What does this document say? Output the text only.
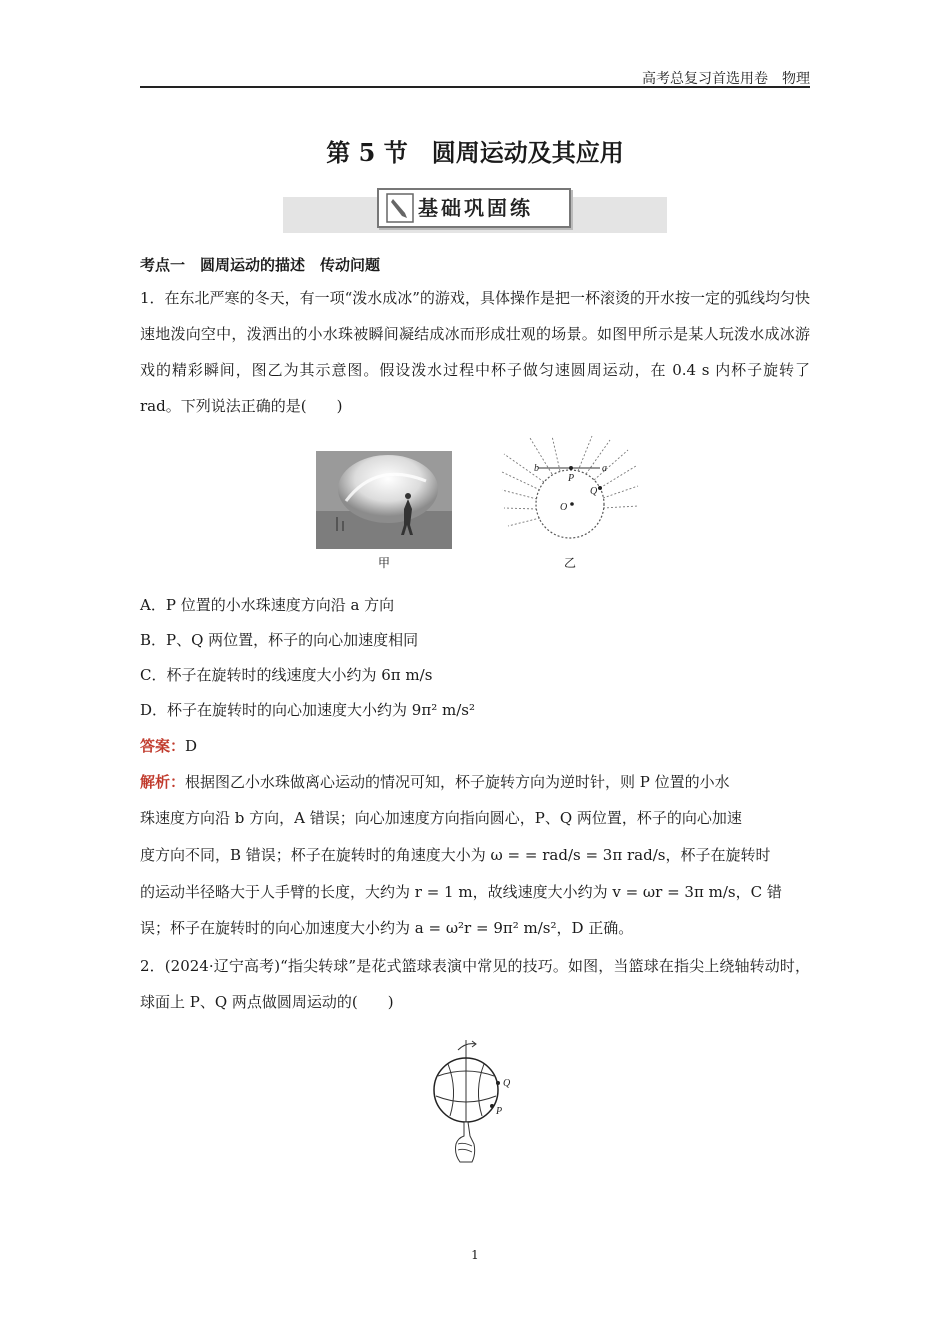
高考总复习首选用卷　物理
第 5 节　圆周运动及其应用
基础巩固练
考点一　圆周运动的描述　传动问题
1．在东北严寒的冬天，有一项“泼水成冰”的游戏，具体操作是把一杯滚烫的开水按一定的弧线均匀快速地泼向空中，泼洒出的小水珠被瞬间凝结成冰而形成壮观的场景。如图甲所示是某人玩泼水成冰游戏的精彩瞬间，图乙为其示意图。假设泼水过程中杯子做匀速圆周运动，在 0.4 s 内杯子旋转了 rad。下列说法正确的是(　　)
甲
b	a
P
Q
O
乙
A．P 位置的小水珠速度方向沿 a 方向
B．P、Q 两位置，杯子的向心加速度相同
C．杯子在旋转时的线速度大小约为 6π m/s
D．杯子在旋转时的向心加速度大小约为 9π² m/s²
答案：D
解析：根据图乙小水珠做离心运动的情况可知，杯子旋转方向为逆时针，则 P 位置的小水
珠速度方向沿 b 方向，A 错误；向心加速度方向指向圆心，P、Q 两位置，杯子的向心加速
度方向不同，B 错误；杯子在旋转时的角速度大小为 ω = = rad/s = 3π rad/s，杯子在旋转时
的运动半径略大于人手臂的长度，大约为 r = 1 m，故线速度大小约为 v = ωr = 3π m/s，C 错
误；杯子在旋转时的向心加速度大小约为 a = ω²r = 9π² m/s²，D 正确。
2．(2024·辽宁高考)“指尖转球”是花式篮球表演中常见的技巧。如图，当篮球在指尖上绕轴转动时，球面上 P、Q 两点做圆周运动的(　　)
Q
P
1
